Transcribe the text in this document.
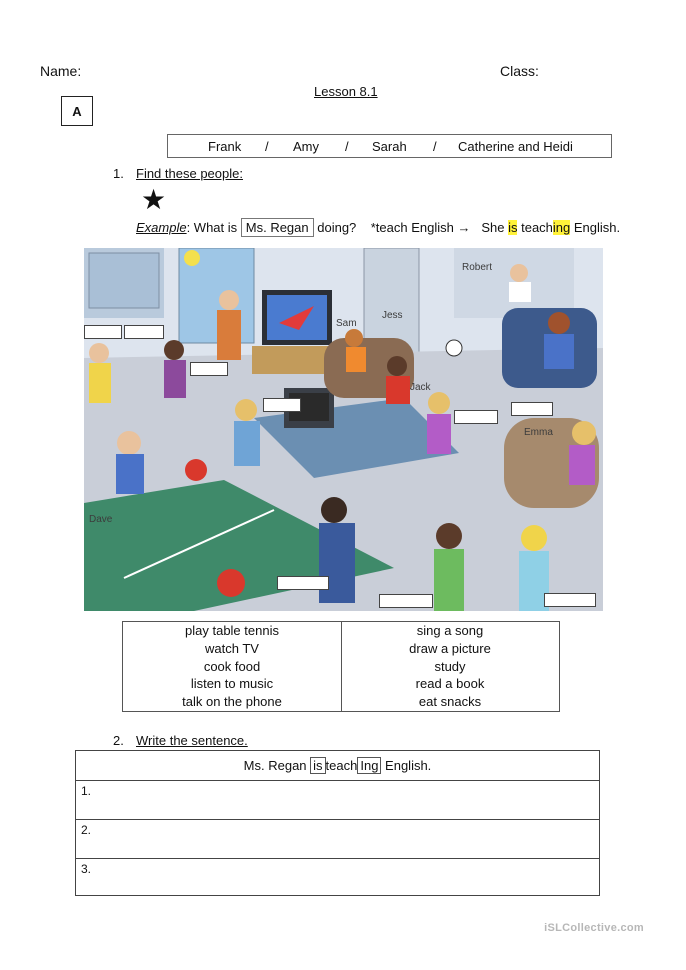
Name:	Class:
Lesson 8.1
A
Frank / Amy / Sarah / Catherine and Heidi
1. Find these people:
★
Example: What is Ms. Regan doing? *teach English → She is teaching English.
Robert
Sam
Jess
Jack
Emma
Dave
play table tennis
watch TV
cook food
listen to music
talk on the phone
sing a song
draw a picture
study
read a book
eat snacks
2. Write the sentence.
Ms. Regan is teach Ing English.
1.
2.
3.
iSLCollective.com
